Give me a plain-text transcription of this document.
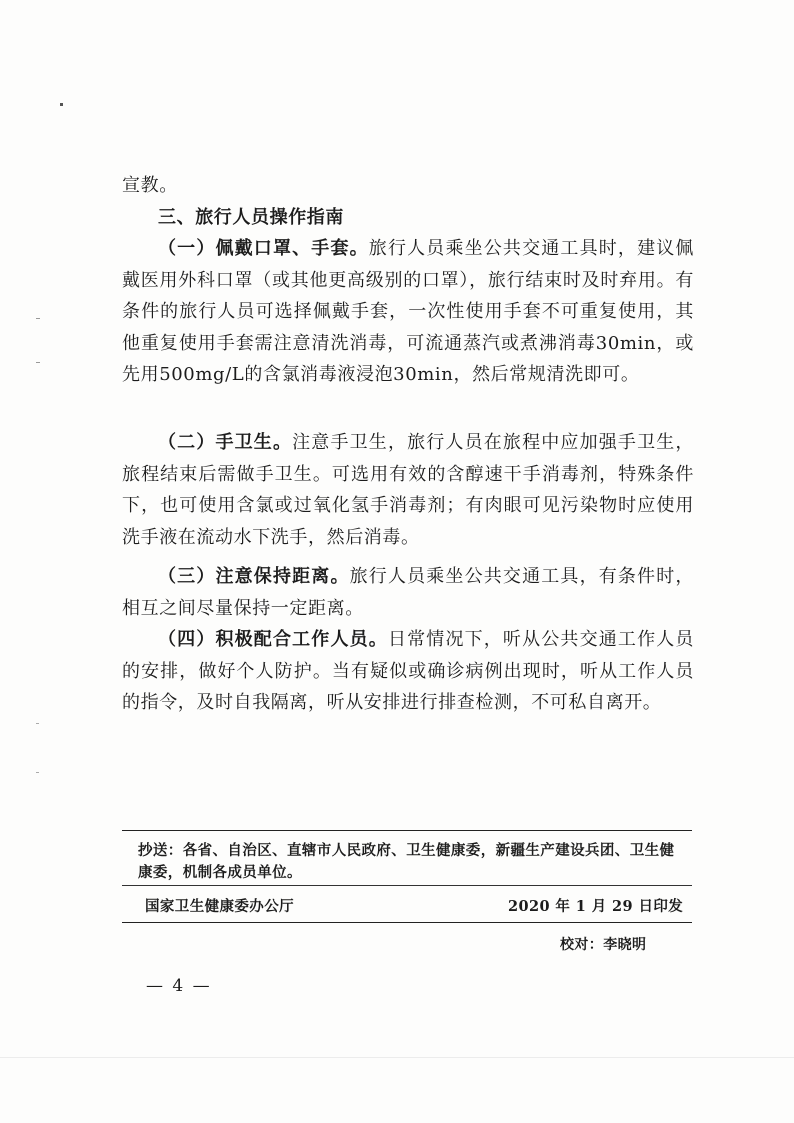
宣教。

三、旅行人员操作指南

（一）佩戴口罩、手套。旅行人员乘坐公共交通工具时，建议佩戴医用外科口罩（或其他更高级别的口罩），旅行结束时及时弃用。有条件的旅行人员可选择佩戴手套，一次性使用手套不可重复使用，其他重复使用手套需注意清洗消毒，可流通蒸汽或煮沸消毒30min，或先用500mg/L的含氯消毒液浸泡30min，然后常规清洗即可。

（二）手卫生。注意手卫生，旅行人员在旅程中应加强手卫生，旅程结束后需做手卫生。可选用有效的含醇速干手消毒剂，特殊条件下，也可使用含氯或过氧化氢手消毒剂；有肉眼可见污染物时应使用洗手液在流动水下洗手，然后消毒。

（三）注意保持距离。旅行人员乘坐公共交通工具，有条件时，相互之间尽量保持一定距离。

（四）积极配合工作人员。日常情况下，听从公共交通工作人员的安排，做好个人防护。当有疑似或确诊病例出现时，听从工作人员的指令，及时自我隔离，听从安排进行排查检测，不可私自离开。

抄送：各省、自治区、直辖市人民政府、卫生健康委，新疆生产建设兵团、卫生健康委，机制各成员单位。

国家卫生健康委办公厅	2020 年 1 月 29 日印发
校对：李晓明
— 4 —
